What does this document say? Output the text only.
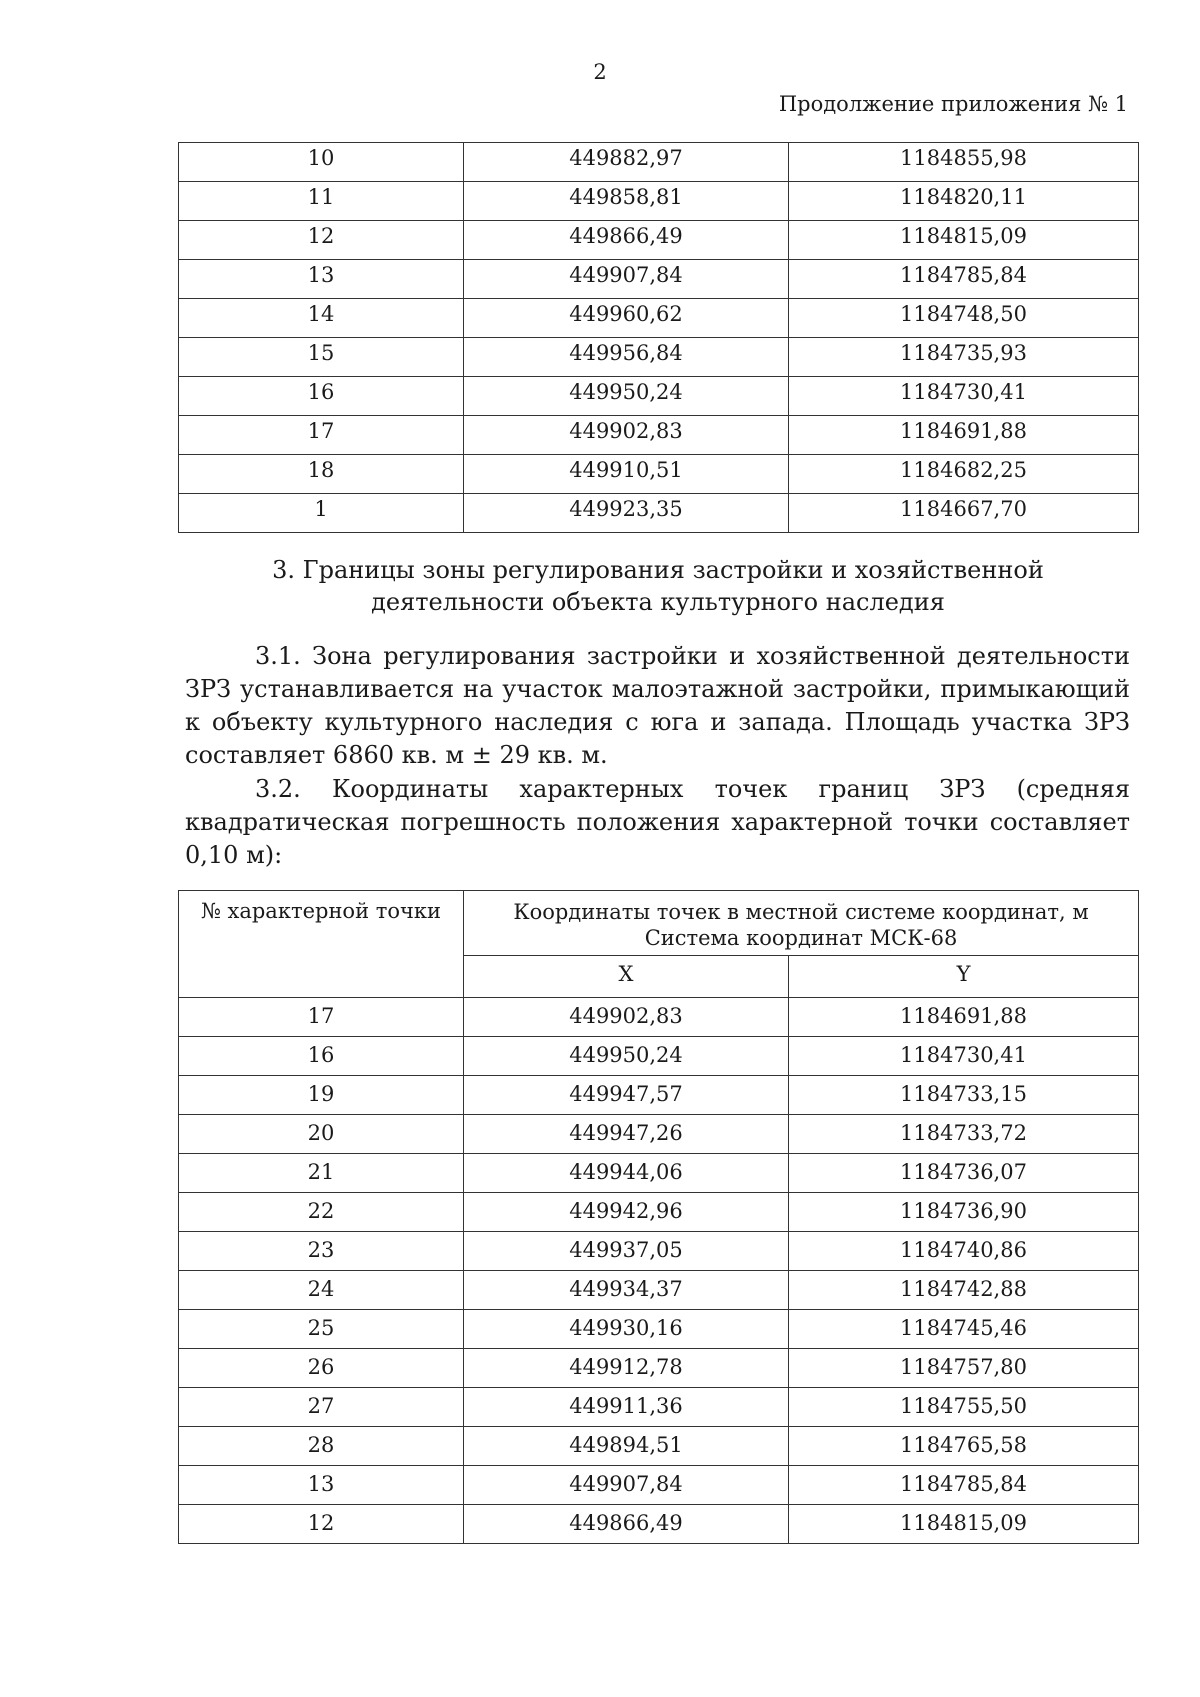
2
Продолжение приложения № 1
10	449882,97	1184855,98
11	449858,81	1184820,11
12	449866,49	1184815,09
13	449907,84	1184785,84
14	449960,62	1184748,50
15	449956,84	1184735,93
16	449950,24	1184730,41
17	449902,83	1184691,88
18	449910,51	1184682,25
1	449923,35	1184667,70
3. Границы зоны регулирования застройки и хозяйственной
деятельности объекта культурного наследия
3.1. Зона регулирования застройки и хозяйственной деятельности ЗРЗ устанавливается на участок малоэтажной застройки, примыкающий к объекту культурного наследия с юга и запада. Площадь участка ЗРЗ составляет 6860 кв. м ± 29 кв. м.
3.2. Координаты характерных точек границ ЗРЗ (средняя квадратическая погрешность положения характерной точки составляет 0,10 м):
№ характерной точки	Координаты точек в местной системе координат, м
Система координат МСК-68	

	X	Y
17	449902,83	1184691,88
16	449950,24	1184730,41
19	449947,57	1184733,15
20	449947,26	1184733,72
21	449944,06	1184736,07
22	449942,96	1184736,90
23	449937,05	1184740,86
24	449934,37	1184742,88
25	449930,16	1184745,46
26	449912,78	1184757,80
27	449911,36	1184755,50
28	449894,51	1184765,58
13	449907,84	1184785,84
12	449866,49	1184815,09
